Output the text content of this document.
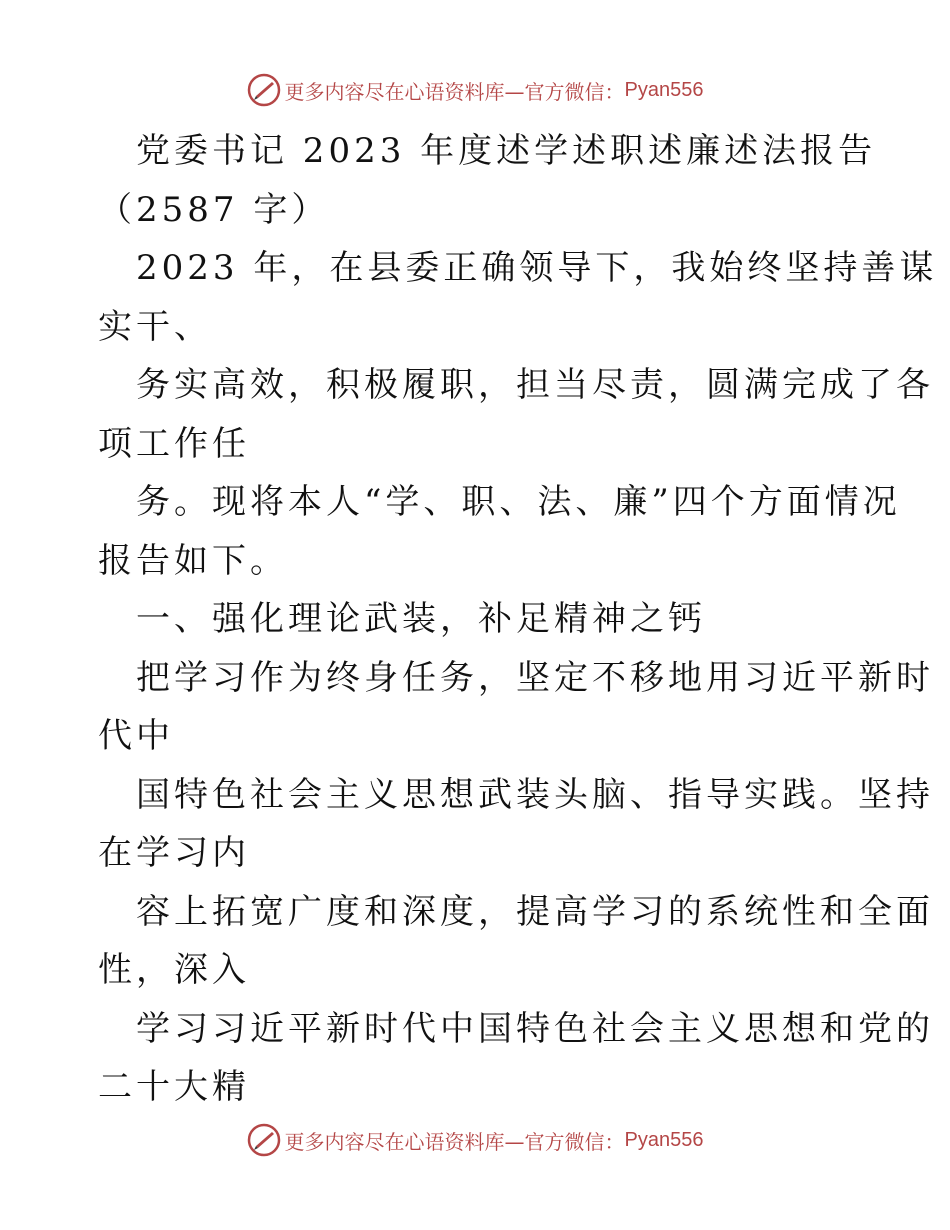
更多内容尽在心语资料库—官方微信： Pyan556
党委书记 2023 年度述学述职述廉述法报告
（2587 字）
2023 年，在县委正确领导下，我始终坚持善谋
实干、
务实高效，积极履职，担当尽责，圆满完成了各
项工作任
务。现将本人“学、职、法、廉”四个方面情况
报告如下。
一、强化理论武装，补足精神之钙
把学习作为终身任务，坚定不移地用习近平新时
代中
国特色社会主义思想武装头脑、指导实践。坚持
在学习内
容上拓宽广度和深度，提高学习的系统性和全面
性，深入
学习习近平新时代中国特色社会主义思想和党的
二十大精
更多内容尽在心语资料库—官方微信： Pyan556
